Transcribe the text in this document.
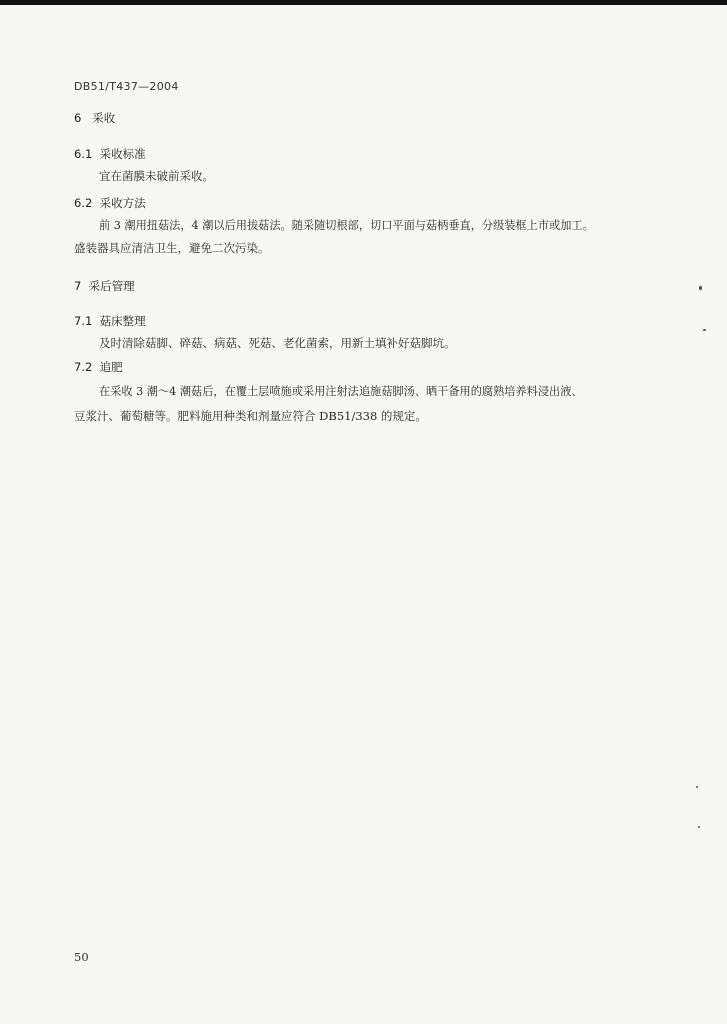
DB51/T437—2004
6 采收
6.1 采收标准
宜在菌膜未破前采收。
6.2 采收方法
前 3 潮用扭菇法，4 潮以后用拔菇法。随采随切根部，切口平面与菇柄垂直，分级装框上市或加工。
盛装器具应清洁卫生，避免二次污染。
7 采后管理
7.1 菇床整理
及时清除菇脚、碎菇、病菇、死菇、老化菌索，用新土填补好菇脚坑。
7.2 追肥
在采收 3 潮～4 潮菇后，在覆土层喷施或采用注射法追施菇脚汤、晒干备用的腐熟培养料浸出液、
豆浆汁、葡萄糖等。肥料施用种类和剂量应符合 DB51/338 的规定。
50
